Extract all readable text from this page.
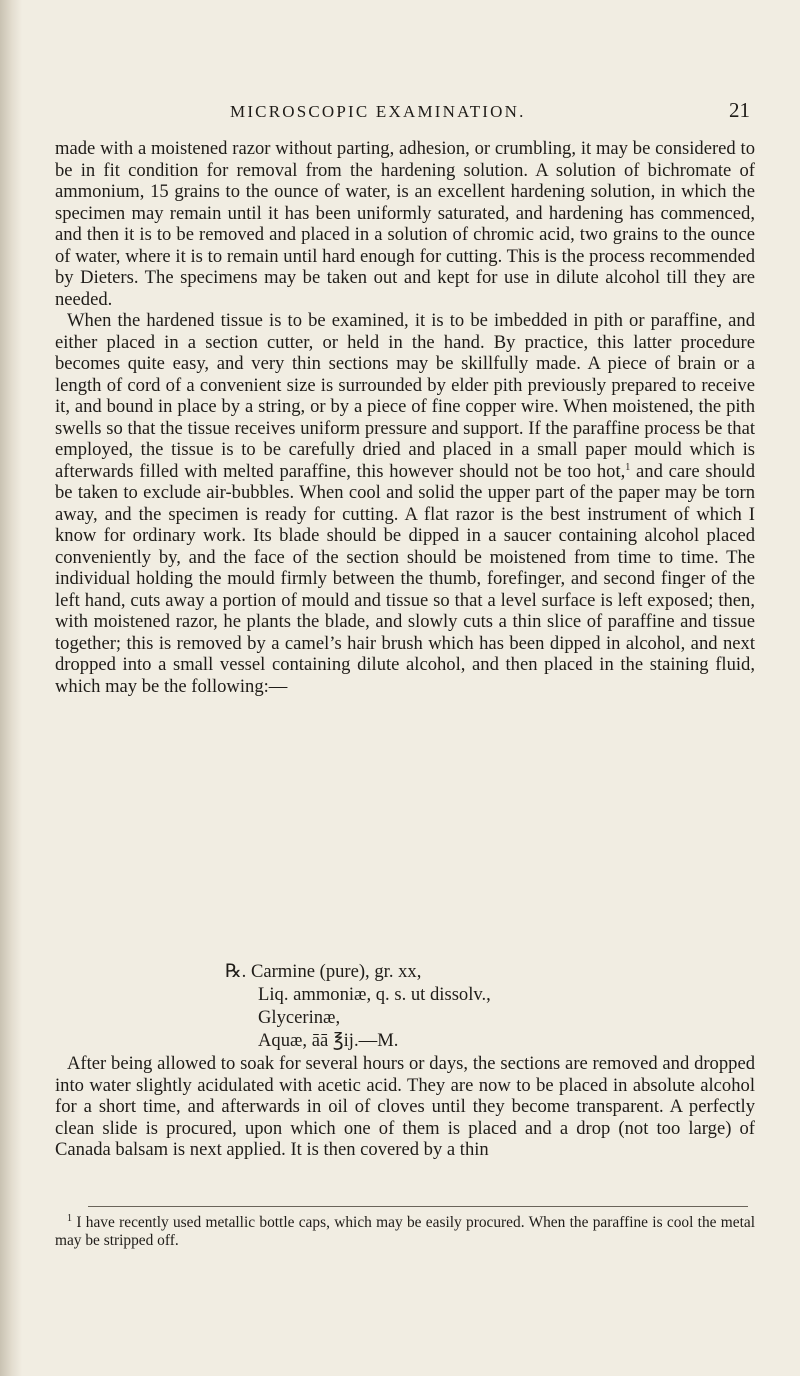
MICROSCOPIC EXAMINATION.	21

made with a moistened razor without parting, adhesion, or crumbling, it may be considered to be in fit condition for removal from the hardening solution. A solution of bichromate of ammonium, 15 grains to the ounce of water, is an excellent hardening solution, in which the specimen may remain until it has been uniformly saturated, and hardening has commenced, and then it is to be removed and placed in a solution of chromic acid, two grains to the ounce of water, where it is to remain until hard enough for cutting. This is the process recommended by Dieters. The specimens may be taken out and kept for use in dilute alcohol till they are needed.

When the hardened tissue is to be examined, it is to be imbedded in pith or paraffine, and either placed in a section cutter, or held in the hand. By practice, this latter procedure becomes quite easy, and very thin sections may be skillfully made. A piece of brain or a length of cord of a convenient size is surrounded by elder pith previously prepared to receive it, and bound in place by a string, or by a piece of fine copper wire. When moistened, the pith swells so that the tissue receives uniform pressure and support. If the paraffine process be that employed, the tissue is to be carefully dried and placed in a small paper mould which is afterwards filled with melted paraffine, this however should not be too hot,$^1$ and care should be taken to exclude air-bubbles. When cool and solid the upper part of the paper may be torn away, and the specimen is ready for cutting. A flat razor is the best instrument of which I know for ordinary work. Its blade should be dipped in a saucer containing alcohol placed conveniently by, and the face of the section should be moistened from time to time. The individual holding the mould firmly between the thumb, forefinger, and second finger of the left hand, cuts away a portion of mould and tissue so that a level surface is left exposed; then, with moistened razor, he plants the blade, and slowly cuts a thin slice of paraffine and tissue together; this is removed by a camel’s hair brush which has been dipped in alcohol, and next dropped into a small vessel containing dilute alcohol, and then placed in the staining fluid, which may be the following:—

℞. Carmine (pure), gr. xx,
Liq. ammoniæ, q. s. ut dissolv.,
Glycerinæ,
Aquæ, āā ℥ij.—M.

After being allowed to soak for several hours or days, the sections are removed and dropped into water slightly acidulated with acetic acid. They are now to be placed in absolute alcohol for a short time, and afterwards in oil of cloves until they become transparent. A perfectly clean slide is procured, upon which one of them is placed and a drop (not too large) of Canada balsam is next applied. It is then covered by a thin

$^1$ I have recently used metallic bottle caps, which may be easily procured. When the paraffine is cool the metal may be stripped off.
